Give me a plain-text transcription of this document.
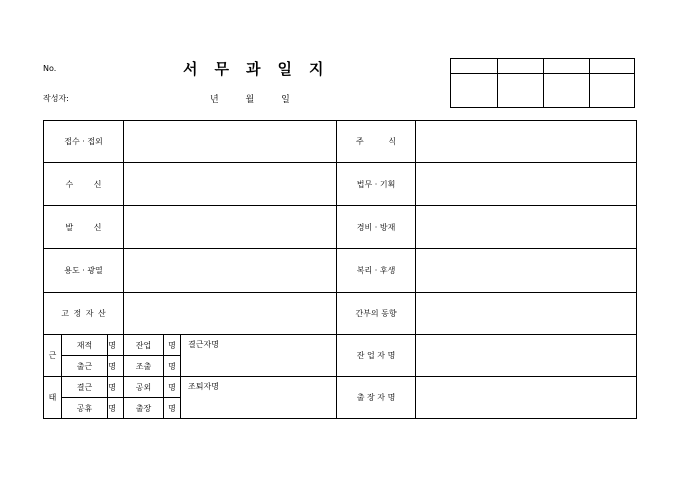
No.	서무과일지
작성자:	년 월 일
접수 · 접외						주 식	
수 신						법무 · 기획	
발 신						경비 · 방재	
용도 · 광열						복리 · 후생	
고 정 자 산						간부의 동향	
근	재적	명	잔업	명	결근자명	잔 업 자 명	
	출근	명	조출	명			
태	결근	명	공외	명	조퇴자명	출 장 자 명	
	공휴	명	출장	명			
